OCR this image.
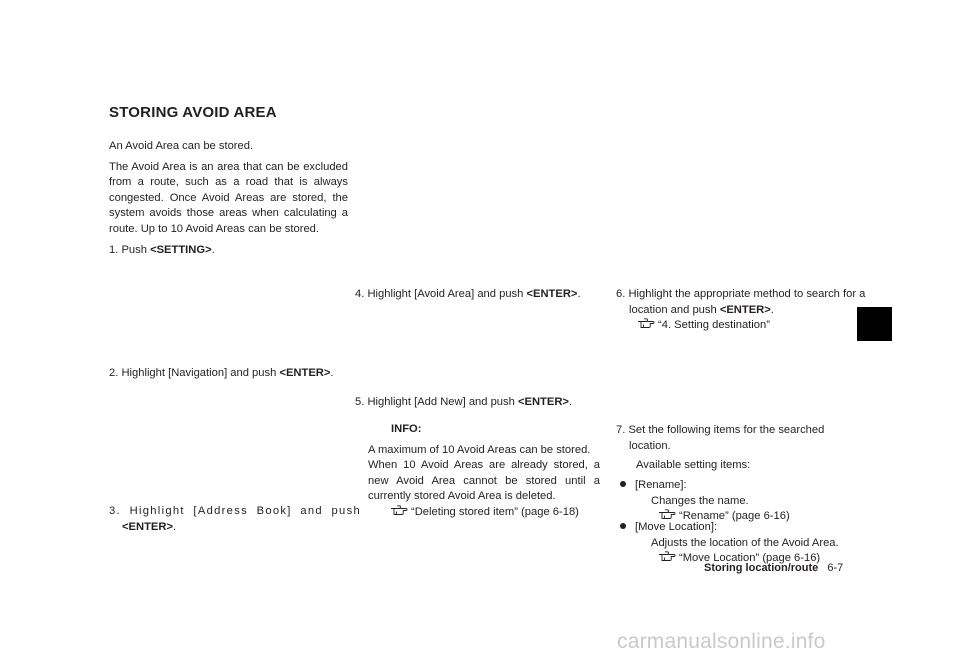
STORING AVOID AREA

An Avoid Area can be stored.

The Avoid Area is an area that can be excluded from a route, such as a road that is always congested. Once Avoid Areas are stored, the system avoids those areas when calculating a route. Up to 10 Avoid Areas can be stored.

1. Push <SETTING>.
2. Highlight [Navigation] and push <ENTER>.
3. Highlight [Address Book] and push <ENTER>.
4. Highlight [Avoid Area] and push <ENTER>.
5. Highlight [Add New] and push <ENTER>.
INFO:
A maximum of 10 Avoid Areas can be stored.
When 10 Avoid Areas are already stored, a new Avoid Area cannot be stored until a currently stored Avoid Area is deleted.
“Deleting stored item” (page 6-18)
6. Highlight the appropriate method to search for a location and push <ENTER>.
“4. Setting destination”
7. Set the following items for the searched location.
Available setting items:
[Rename]:
Changes the name.
“Rename” (page 6-16)
[Move Location]:
Adjusts the location of the Avoid Area.
“Move Location” (page 6-16)
Storing location/route 6-7
carmanualsonline.info
